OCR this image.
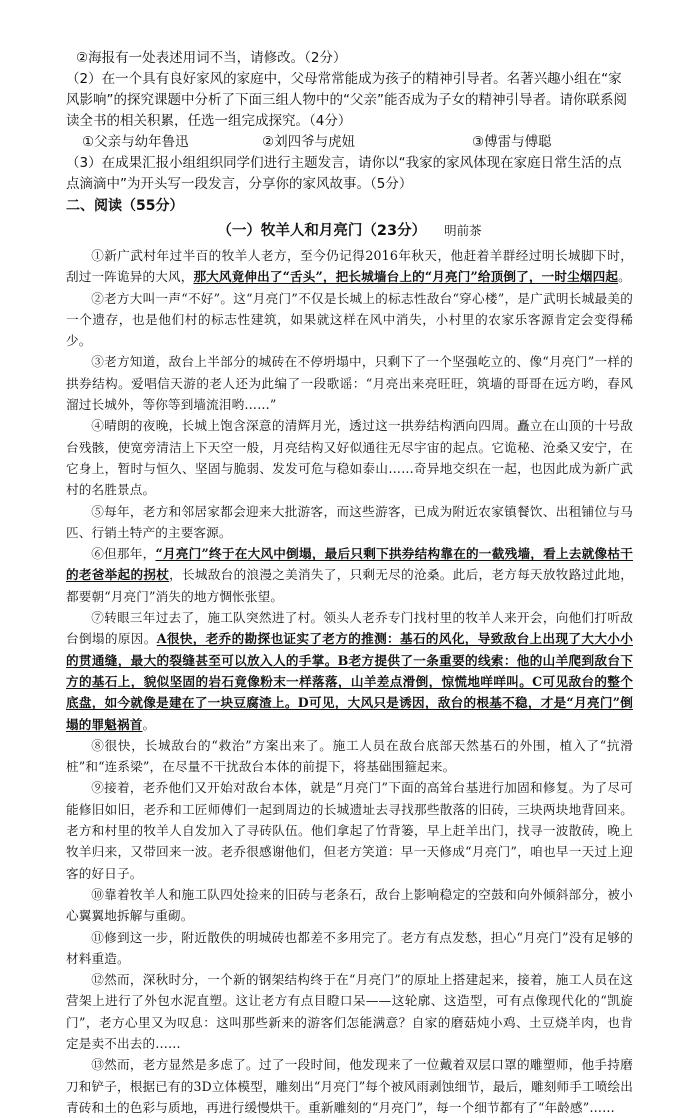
②海报有一处表述用词不当，请修改。（2分）

（2）在一个具有良好家风的家庭中，父母常常能成为孩子的精神引导者。名著兴趣小组在“家风影响”的探究课题中分析了下面三组人物中的“父亲”能否成为子女的精神引导者。请你联系阅读全书的相关积累，任选一组完成探究。（4分）

①父亲与幼年鲁迅	②刘四爷与虎妞	③傅雷与傅聪

（3）在成果汇报小组组织同学们进行主题发言，请你以“我家的家风体现在家庭日常生活的点点滴滴中”为开头写一段发言，分享你的家风故事。（5分）

二、阅读（55分）

（一）牧羊人和月亮门（23分） 明前茶

①新广武村年过半百的牧羊人老方，至今仍记得2016年秋天，他赶着羊群经过明长城脚下时，刮过一阵诡异的大风，那大风竟伸出了“舌头”，把长城墙台上的“月亮门”给顶倒了，一时尘烟四起。

②老方大叫一声“不好”。这“月亮门”不仅是长城上的标志性敌台“穿心楼”，是广武明长城最美的一个遗存，也是他们村的标志性建筑，如果就这样在风中消失，小村里的农家乐客源肯定会变得稀少。

③老方知道，敌台上半部分的城砖在不停坍塌中，只剩下了一个坚强屹立的、像“月亮门”一样的拱券结构。爱唱信天游的老人还为此编了一段歌谣：“月亮出来亮旺旺，筑墙的哥哥在远方哟，春风溜过长城外，等你等到墙流泪哟……”

④晴朗的夜晚，长城上饱含深意的清辉月光，透过这一拱券结构洒向四周。矗立在山顶的十号敌台残骸，使宽旁清洁上下天空一般，月亮结构又好似通往无尽宇宙的起点。它诡秘、沧桑又安宁，在它身上，暂时与恒久、坚固与脆弱、发发可危与稳如泰山……奇异地交织在一起，也因此成为新广武村的名胜景点。

⑤每年，老方和邻居家都会迎来大批游客，而这些游客，已成为附近农家镇餐饮、出租铺位与马匹、行销土特产的主要客源。

⑥但那年，“月亮门”终于在大风中倒塌，最后只剩下拱券结构靠在的一截残墙，看上去就像枯干的老爸举起的拐杖，长城敌台的浪漫之美消失了，只剩无尽的沧桑。此后，老方每天放牧路过此地，都要朝“月亮门”消失的地方惆怅张望。

⑦转眼三年过去了，施工队突然进了村。领头人老乔专门找村里的牧羊人来开会，向他们打听敌台倒塌的原因。A很快，老乔的勘探也证实了老方的推测：基石的风化，导致敌台上出现了大大小小的贯通缝，最大的裂缝甚至可以放入人的手掌。B老方提供了一条重要的线索：他的山羊爬到敌台下方的基石上，貌似坚固的岩石竟像粉末一样落落，山羊差点滑倒，惊慌地咩咩叫。C可见敌台的整个底盘，如今就像是建在了一块豆腐渣上。D可见，大风只是诱因，敌台的根基不稳，才是“月亮门”倒塌的罪魁祸首。

⑧很快，长城敌台的“救治”方案出来了。施工人员在敌台底部天然基石的外围，植入了“抗滑桩”和“连系梁”，在尽量不干扰敌台本体的前提下，将基础围箍起来。

⑨接着，老乔他们又开始对敌台本体，就是“月亮门”下面的高耸台基进行加固和修复。为了尽可能修旧如旧，老乔和工匠师傅们一起到周边的长城遗址去寻找那些散落的旧砖，三块两块地背回来。老方和村里的牧羊人自发加入了寻砖队伍。他们拿起了竹背篓，早上赶羊出门，找寻一波散砖，晚上牧羊归来，又带回来一波。老乔很感谢他们，但老方笑道：早一天修成“月亮门”，咱也早一天过上迎客的好日子。

⑩靠着牧羊人和施工队四处捡来的旧砖与老条石，敌台上影响稳定的空鼓和向外倾斜部分，被小心翼翼地拆解与重砌。

⑪修到这一步，附近散佚的明城砖也都差不多用完了。老方有点发愁，担心“月亮门”没有足够的材料重造。

⑫然而，深秋时分，一个新的钢架结构终于在“月亮门”的原址上搭建起来，接着，施工人员在这营架上进行了外包水泥直塑。这让老方有点目瞪口呆——这轮廓、这造型，可有点像现代化的“凯旋门”，老方心里又为叹息：这叫那些新来的游客们怎能满意？自家的磨菇炖小鸡、土豆烧羊肉，也肯定是卖不出去的……

⑬然而，老方显然是多虑了。过了一段时间，他发现来了一位戴着双层口罩的雕塑师，他手持磨刀和铲子，根据已有的3D立体模型，雕刻出“月亮门”每个被风雨剥蚀细节，最后，雕刻师手工喷绘出青砖和土的色彩与质地，再进行缓慢烘干。重新雕刻的“月亮门”，每一个细节都有了“年龄感”……
